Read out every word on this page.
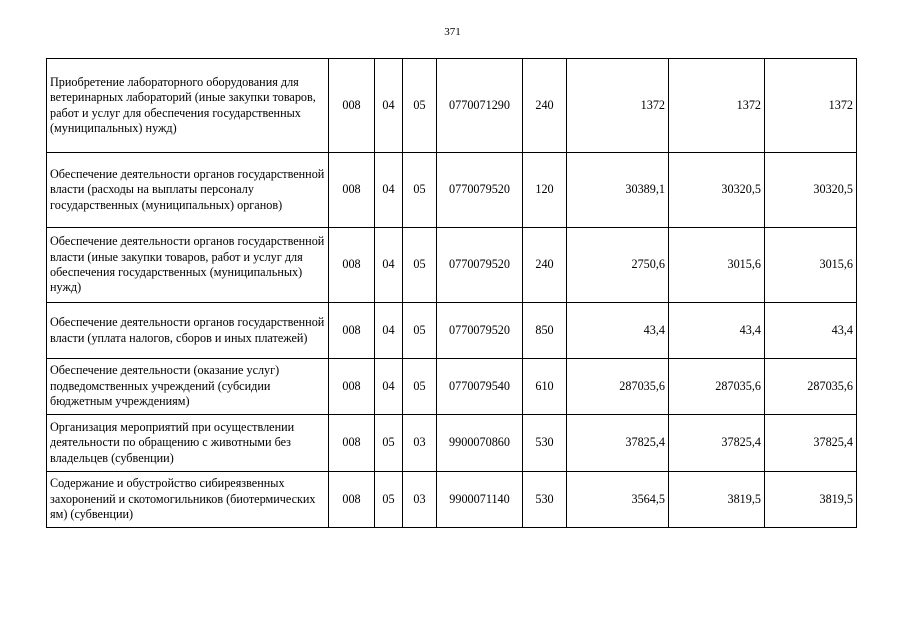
371
Приобретение лабораторного оборудования для ветеринарных лабораторий (иные закупки товаров, работ и услуг для обеспечения государственных (муниципальных) нужд)	008	04	05	0770071290	240	1372	1372	1372
Обеспечение деятельности органов государственной власти (расходы на выплаты персоналу государственных (муниципальных) органов)	008	04	05	0770079520	120	30389,1	30320,5	30320,5
Обеспечение деятельности органов государственной власти (иные закупки товаров, работ и услуг для обеспечения государственных (муниципальных) нужд)	008	04	05	0770079520	240	2750,6	3015,6	3015,6
Обеспечение деятельности органов государственной власти (уплата налогов, сборов и иных платежей)	008	04	05	0770079520	850	43,4	43,4	43,4
Обеспечение деятельности (оказание услуг) подведомственных учреждений (субсидии бюджетным учреждениям)	008	04	05	0770079540	610	287035,6	287035,6	287035,6
Организация мероприятий при осуществлении деятельности по обращению с животными без владельцев (субвенции)	008	05	03	9900070860	530	37825,4	37825,4	37825,4
Содержание и обустройство сибиреязвенных захоронений и скотомогильников (биотермических ям) (субвенции)	008	05	03	9900071140	530	3564,5	3819,5	3819,5
